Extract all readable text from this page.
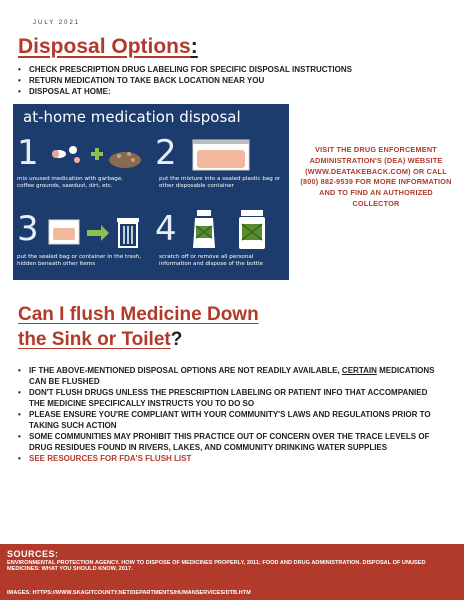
JULY 2021
Disposal Options:
• CHECK PRESCRIPTION DRUG LABELING FOR SPECIFIC DISPOSAL INSTRUCTIONS
• RETURN MEDICATION TO TAKE BACK LOCATION NEAR YOU
• DISPOSAL AT HOME:
at-home medication disposal
1
mix unused medication with garbage, coffee grounds, sawdust, dirt, etc.
2
put the mixture into a sealed plastic bag or other disposable container
3
put the sealed bag or container in the trash, hidden beneath other items
4
scratch off or remove all personal information and dispose of the bottle
VISIT THE DRUG ENFORCEMENT ADMINISTRATION'S (DEA) WEBSITE (WWW.DEATAKEBACK.COM) OR CALL (800) 882-9539 FOR MORE INFORMATION AND TO FIND AN AUTHORIZED COLLECTOR
Can I flush Medicine Down
the Sink or Toilet?
• IF THE ABOVE-MENTIONED DISPOSAL OPTIONS ARE NOT READILY AVAILABLE, CERTAIN MEDICATIONS CAN BE FLUSHED
• DON'T FLUSH DRUGS UNLESS THE PRESCRIPTION LABELING OR PATIENT INFO THAT ACCOMPANIED THE MEDICINE SPECIFICALLY INSTRUCTS YOU TO DO SO
• PLEASE ENSURE YOU'RE COMPLIANT WITH YOUR COMMUNITY'S LAWS AND REGULATIONS PRIOR TO TAKING SUCH ACTION
• SOME COMMUNITIES MAY PROHIBIT THIS PRACTICE OUT OF CONCERN OVER THE TRACE LEVELS OF DRUG RESIDUES FOUND IN RIVERS, LAKES, AND COMMUNITY DRINKING WATER SUPPLIES
• SEE RESOURCES FOR FDA'S FLUSH LIST
SOURCES:
ENVIRONMENTAL PROTECTION AGENCY. HOW TO DISPOSE OF MEDICINES PROPERLY, 2011; FOOD AND DRUG ADMINISTRATION. DISPOSAL OF UNUSED MEDICINES: WHAT YOU SHOULD KNOW, 2017.
IMAGES: HTTPS://WWW.SKAGITCOUNTY.NET/DEPARTMENTS/HUMANSERVICES/DTB.HTM
